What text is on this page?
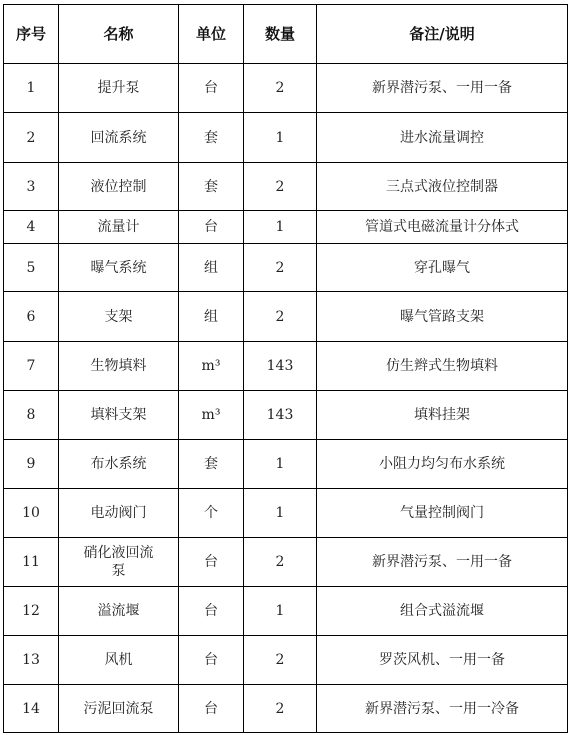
序号	名称	单位	数量	备注/说明
1	提升泵	台	2	新界潜污泵、一用一备
2	回流系统	套	1	进水流量调控
3	液位控制	套	2	三点式液位控制器
4	流量计	台	1	管道式电磁流量计分体式
5	曝气系统	组	2	穿孔曝气
6	支架	组	2	曝气管路支架
7	生物填料	m³	143	仿生辫式生物填料
8	填料支架	m³	143	填料挂架
9	布水系统	套	1	小阻力均匀布水系统
10	电动阀门	个	1	气量控制阀门
11	硝化液回流泵	台	2	新界潜污泵、一用一备
12	溢流堰	台	1	组合式溢流堰
13	风机	台	2	罗茨风机、一用一备
14	污泥回流泵	台	2	新界潜污泵、一用一冷备
